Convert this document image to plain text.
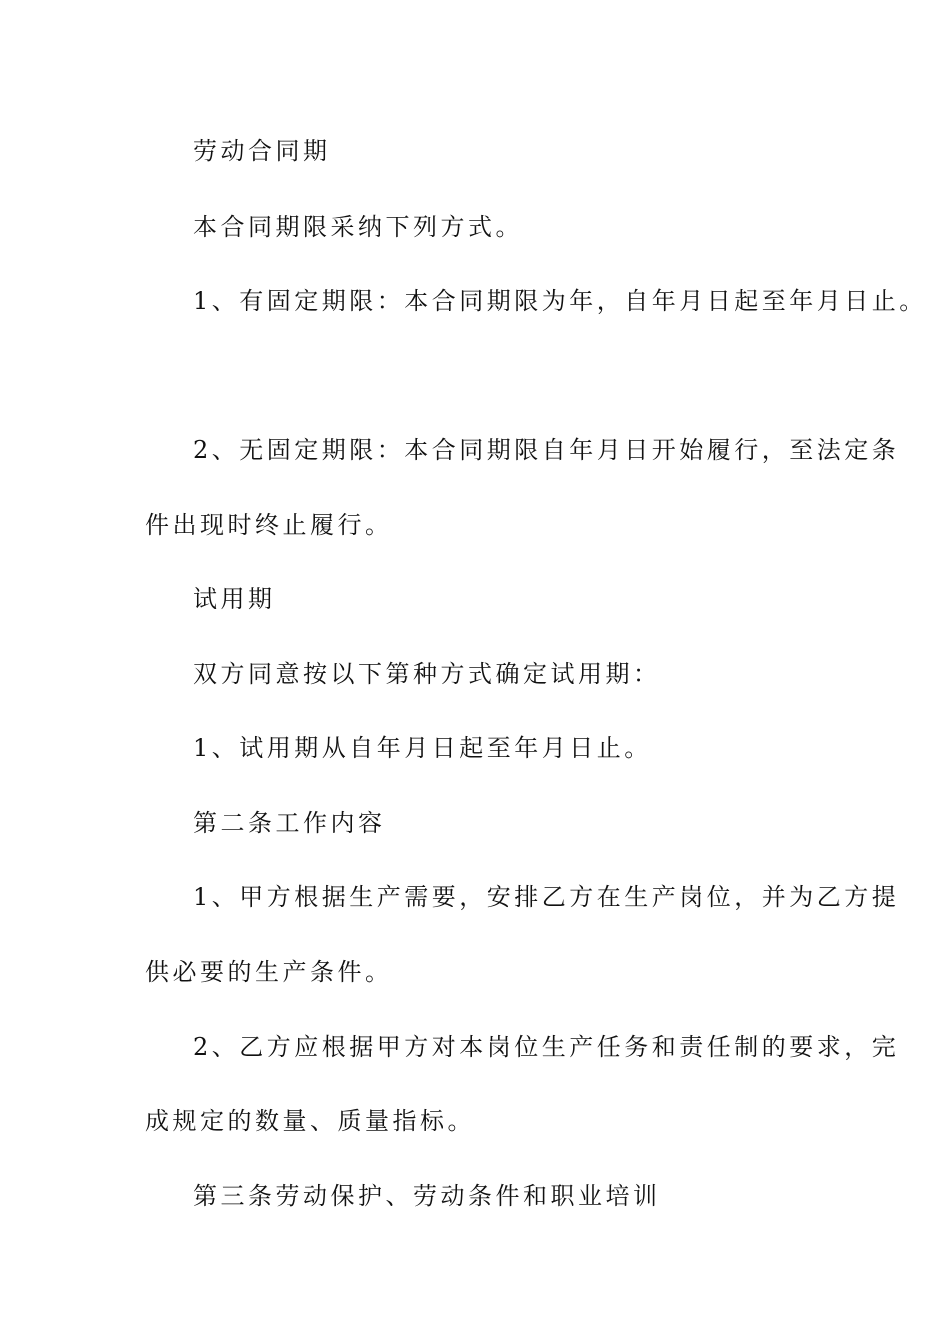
劳动合同期
本合同期限采纳下列方式。
1、有固定期限：本合同期限为年，自年月日起至年月日止。
2、无固定期限：本合同期限自年月日开始履行，至法定条
件出现时终止履行。
试用期
双方同意按以下第种方式确定试用期：
1、试用期从自年月日起至年月日止。
第二条工作内容
1、甲方根据生产需要，安排乙方在生产岗位，并为乙方提
供必要的生产条件。
2、乙方应根据甲方对本岗位生产任务和责任制的要求，完
成规定的数量、质量指标。
第三条劳动保护、劳动条件和职业培训
